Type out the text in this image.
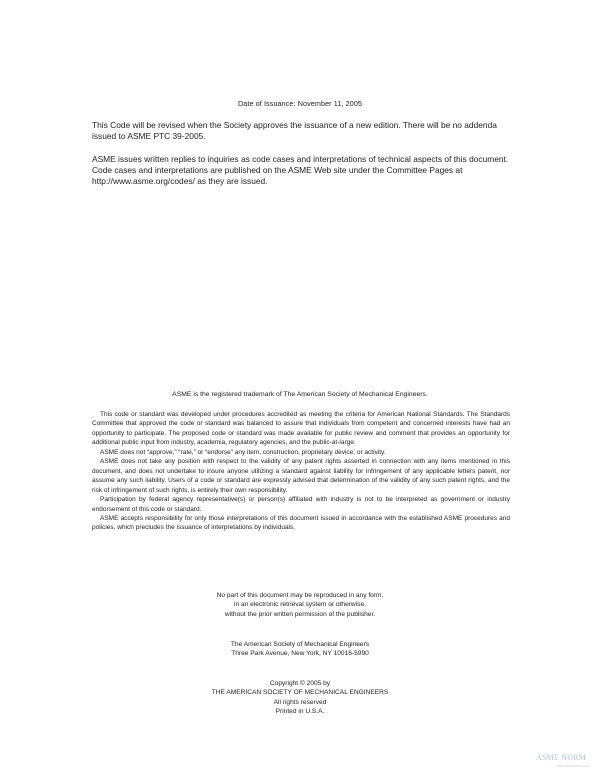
Date of Issuance: November 11, 2005
This Code will be revised when the Society approves the issuance of a new edition. There will be no addenda issued to ASME PTC 39-2005.
ASME issues written replies to inquiries as code cases and interpretations of technical aspects of this document. Code cases and interpretations are published on the ASME Web site under the Committee Pages at http://www.asme.org/codes/ as they are issued.
ASME is the registered trademark of The American Society of Mechanical Engineers.

This code or standard was developed under procedures accredited as meeting the criteria for American National Standards. The Standards Committee that approved the code or standard was balanced to assure that individuals from competent and concerned interests have had an opportunity to participate. The proposed code or standard was made available for public review and comment that provides an opportunity for additional public input from industry, academia, regulatory agencies, and the public-at-large.

ASME does not “approve,” “rate,” or “endorse” any item, construction, proprietary device, or activity.

ASME does not take any position with respect to the validity of any patent rights asserted in connection with any items mentioned in this document, and does not undertake to insure anyone utilizing a standard against liability for infringement of any applicable letters patent, nor assume any such liability. Users of a code or standard are expressly advised that determination of the validity of any such patent rights, and the risk of infringement of such rights, is entirely their own responsibility.

Participation by federal agency representative(s) or person(s) affiliated with industry is not to be interpreted as government or industry endorsement of this code or standard.

ASME accepts responsibility for only those interpretations of this document issued in accordance with the established ASME procedures and policies, which precludes the issuance of interpretations by individuals.

No part of this document may be reproduced in any form,
in an electronic retrieval system or otherwise,
without the prior written permission of the publisher.
The American Society of Mechanical Engineers
Three Park Avenue, New York, NY 10016-5990
Copyright © 2005 by
THE AMERICAN SOCIETY OF MECHANICAL ENGINEERS
All rights reserved
Printed in U.S.A.
ASME NORM
ASME NORMDOC.COM
